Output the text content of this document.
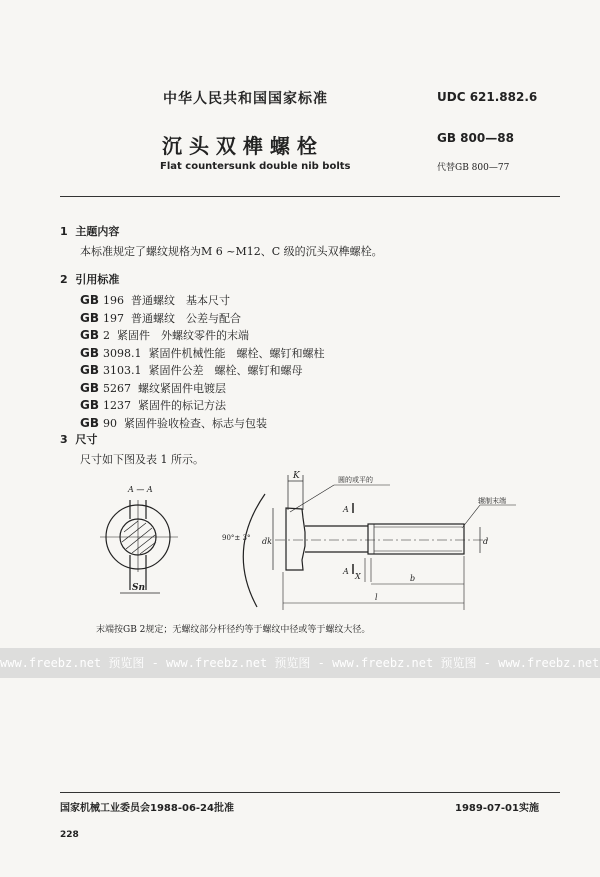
中华人民共和国国家标准	UDC 621.882.6
沉 头 双 榫 螺 栓	GB 800—88
Flat countersunk double nib bolts	代替GB 800—77
1 主题内容
本标准规定了螺纹规格为M 6 ~M12、C 级的沉头双榫螺栓。
2 引用标准
GB 196 普通螺纹　基本尺寸
GB 197 普通螺纹　公差与配合
GB 2 紧固件　外螺纹零件的末端
GB 3098.1 紧固件机械性能　螺栓、螺钉和螺柱
GB 3103.1 紧固件公差　螺栓、螺钉和螺母
GB 5267 螺纹紧固件电镀层
GB 1237 紧固件的标记方法
GB 90 紧固件验收检查、标志与包装
3 尺寸
尺寸如下图及表 1 所示。
A — A
Sn
90°± 3°
K
dk	d
A
A
X	b
l
圆的或平的
辗制末端
末端按GB 2规定；无螺纹部分杆径约等于螺纹中径或等于螺纹大径。
www.freebz.net 预览图 - www.freebz.net 预览图 - www.freebz.net 预览图 - www.freebz.net
国家机械工业委员会1988-06-24批准	1989-07-01实施
228
